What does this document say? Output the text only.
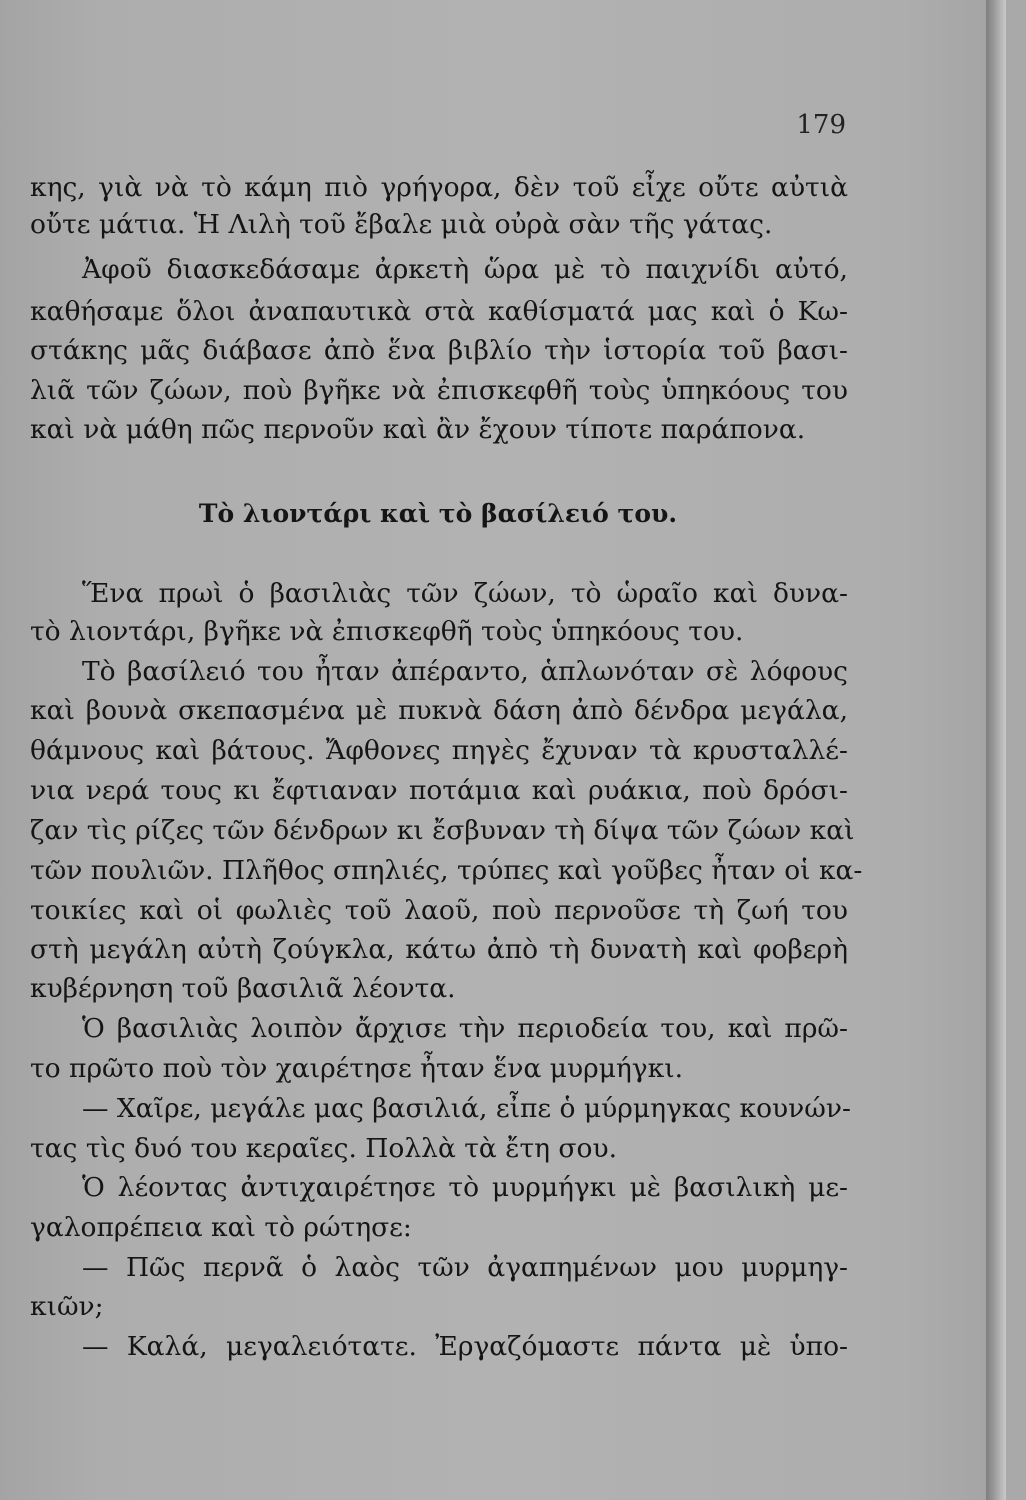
179
κης, γιὰ νὰ τὸ κάμη πιὸ γρήγορα, δὲν τοῦ εἶχε οὔτε αὐτιὰ
οὔτε μάτια. Ἡ Λιλὴ τοῦ ἔβαλε μιὰ οὐρὰ σὰν τῆς γάτας.
Ἀφοῦ διασκεδάσαμε ἀρκετὴ ὥρα μὲ τὸ παιχνίδι αὐτό,
καθήσαμε ὅλοι ἀναπαυτικὰ στὰ καθίσματά μας καὶ ὁ Κω-
στάκης μᾶς διάβασε ἀπὸ ἕνα βιβλίο τὴν ἱστορία τοῦ βασι-
λιᾶ τῶν ζώων, ποὺ βγῆκε νὰ ἐπισκεφθῆ τοὺς ὑπηκόους του
καὶ νὰ μάθη πῶς περνοῦν καὶ ἂν ἔχουν τίποτε παράπονα.
Τὸ λιοντάρι καὶ τὸ βασίλειό του.
Ἕνα πρωὶ ὁ βασιλιὰς τῶν ζώων, τὸ ὡραῖο καὶ δυνα-
τὸ λιοντάρι, βγῆκε νὰ ἐπισκεφθῆ τοὺς ὑπηκόους του.
Τὸ βασίλειό του ἦταν ἀπέραντο, ἁπλωνόταν σὲ λόφους
καὶ βουνὰ σκεπασμένα μὲ πυκνὰ δάση ἀπὸ δένδρα μεγάλα,
θάμνους καὶ βάτους. Ἄφθονες πηγὲς ἔχυναν τὰ κρυσταλλέ-
νια νερά τους κι ἔφτιαναν ποτάμια καὶ ρυάκια, ποὺ δρόσι-
ζαν τὶς ρίζες τῶν δένδρων κι ἔσβυναν τὴ δίψα τῶν ζώων καὶ
τῶν πουλιῶν. Πλῆθος σπηλιές, τρύπες καὶ γοῦβες ἦταν οἱ κα-
τοικίες καὶ οἱ φωλιὲς τοῦ λαοῦ, ποὺ περνοῦσε τὴ ζωή του
στὴ μεγάλη αὐτὴ ζούγκλα, κάτω ἀπὸ τὴ δυνατὴ καὶ φοβερὴ
κυβέρνηση τοῦ βασιλιᾶ λέοντα.
Ὁ βασιλιὰς λοιπὸν ἄρχισε τὴν περιοδεία του, καὶ πρῶ-
το πρῶτο ποὺ τὸν χαιρέτησε ἦταν ἕνα μυρμήγκι.
— Χαῖρε, μεγάλε μας βασιλιά, εἶπε ὁ μύρμηγκας κουνών-
τας τὶς δυό του κεραῖες. Πολλὰ τὰ ἔτη σου.
Ὁ λέοντας ἀντιχαιρέτησε τὸ μυρμήγκι μὲ βασιλικὴ με-
γαλοπρέπεια καὶ τὸ ρώτησε:
— Πῶς περνᾶ ὁ λαὸς τῶν ἀγαπημένων μου μυρμηγ-
κιῶν;
— Καλά, μεγαλειότατε. Ἐργαζόμαστε πάντα μὲ ὑπο-
